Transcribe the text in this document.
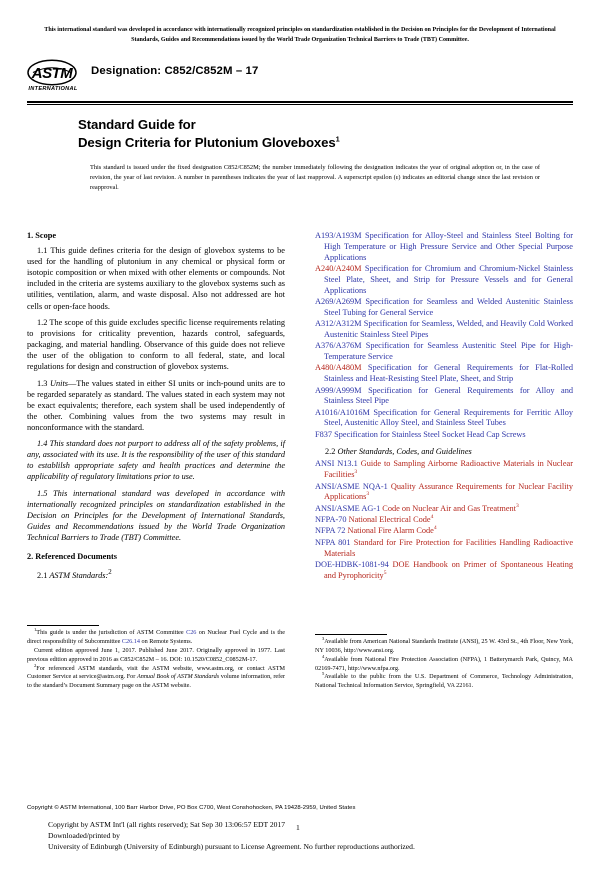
This international standard was developed in accordance with internationally recognized principles on standardization established in the Decision on Principles for the Development of International Standards, Guides and Recommendations issued by the World Trade Organization Technical Barriers to Trade (TBT) Committee.
ASTM
INTERNATIONAL
Designation: C852/C852M – 17
Standard Guide for
Design Criteria for Plutonium Gloveboxes$^1$
This standard is issued under the fixed designation C852/C852M; the number immediately following the designation indicates the year of original adoption or, in the case of revision, the year of last revision. A number in parentheses indicates the year of last reapproval. A superscript epsilon (ε) indicates an editorial change since the last revision or reapproval.
1. Scope

1.1 This guide defines criteria for the design of glovebox systems to be used for the handling of plutonium in any chemical or physical form or isotopic composition or when mixed with other elements or compounds. Not included in the criteria are systems auxiliary to the glovebox systems such as utilities, ventilation, alarm, and waste disposal. Also not addressed are hot cells or open-face hoods.

1.2 The scope of this guide excludes specific license requirements relating to provisions for criticality prevention, hazards control, safeguards, packaging, and material handling. Observance of this guide does not relieve the user of the obligation to conform to all federal, state, and local regulations for design and construction of glovebox systems.

1.3 Units—The values stated in either SI units or inch-pound units are to be regarded separately as standard. The values stated in each system may not be exact equivalents; therefore, each system shall be used independently of the other. Combining values from the two systems may result in nonconformance with the standard.

1.4 This standard does not purport to address all of the safety problems, if any, associated with its use. It is the responsibility of the user of this standard to establilsh appropriate safety and health practices and determine the applicability of regulatory limitations prior to use.

1.5 This international standard was developed in accordance with internationally recognized principles on standardization established in the Decision on Principles for the Development of International Standards, Guides and Recommendations issued by the World Trade Organization Technical Barriers to Trade (TBT) Committee.

2. Referenced Documents
2.1 ASTM Standards:$^2$

$^1$This guide is under the jurisdiction of ASTM Committee C26 on Nuclear Fuel Cycle and is the direct responsibility of Subcommittee C26.14 on Remote Systems.

Current edition approved June 1, 2017. Published June 2017. Originally approved in 1977. Last previous edition approved in 2016 as C852/C852M – 16. DOI: 10.1520/C0852_C0852M-17.

$^2$For referenced ASTM standards, visit the ASTM website, www.astm.org, or contact ASTM Customer Service at service@astm.org. For Annual Book of ASTM Standards volume information, refer to the standard’s Document Summary page on the ASTM website.

A193/A193M Specification for Alloy-Steel and Stainless Steel Bolting for High Temperature or High Pressure Service and Other Special Purpose Applications
A240/A240M Specification for Chromium and Chromium-Nickel Stainless Steel Plate, Sheet, and Strip for Pressure Vessels and for General Applications
A269/A269M Specification for Seamless and Welded Austenitic Stainless Steel Tubing for General Service
A312/A312M Specification for Seamless, Welded, and Heavily Cold Worked Austenitic Stainless Steel Pipes
A376/A376M Specification for Seamless Austenitic Steel Pipe for High-Temperature Service
A480/A480M Specification for General Requirements for Flat-Rolled Stainless and Heat-Resisting Steel Plate, Sheet, and Strip
A999/A999M Specification for General Requirements for Alloy and Stainless Steel Pipe
A1016/A1016M Specification for General Requirements for Ferritic Alloy Steel, Austenitic Alloy Steel, and Stainless Steel Tubes
F837 Specification for Stainless Steel Socket Head Cap Screws
2.2 Other Standards, Codes, and Guidelines
ANSI N13.1 Guide to Sampling Airborne Radioactive Materials in Nuclear Facilities$^3$
ANSI/ASME NQA-1 Quality Assurance Requirements for Nuclear Facility Applications$^3$
ANSI/ASME AG-1 Code on Nuclear Air and Gas Treatment$^3$
NFPA-70 National Electrical Code$^4$
NFPA 72 National Fire Alarm Code$^4$
NFPA 801 Standard for Fire Protection for Facilities Handling Radioactive Materials
DOE-HDBK-1081-94 DOE Handbook on Primer of Spontaneous Heating and Pyrophoricity$^5$

$^3$Available from American National Standards Institute (ANSI), 25 W. 43rd St., 4th Floor, New York, NY 10036, http://www.ansi.org.

$^4$Available from National Fire Protection Association (NFPA), 1 Batterymarch Park, Quincy, MA 02169-7471, http://www.nfpa.org.

$^5$Available to the public from the U.S. Department of Commerce, Technology Administration, National Technical Information Service, Springfield, VA 22161.

Copyright © ASTM International, 100 Barr Harbor Drive, PO Box C700, West Conshohocken, PA 19428-2959, United States
Copyright by ASTM Int'l (all rights reserved); Sat Sep 30 13:06:57 EDT 2017
Downloaded/printed by
University of Edinburgh (University of Edinburgh) pursuant to License Agreement. No further reproductions authorized.
1
